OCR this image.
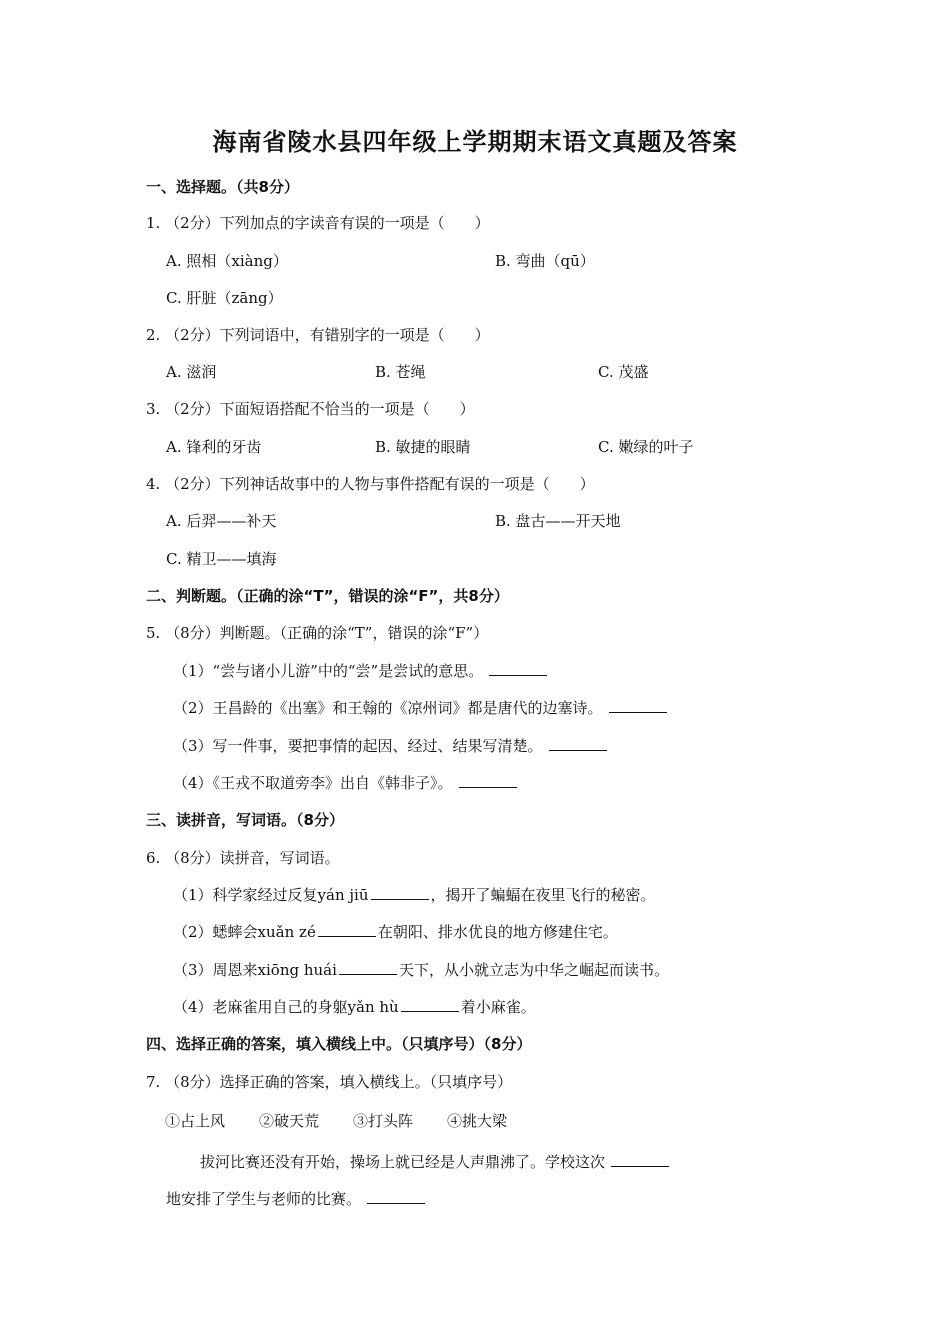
海南省陵水县四年级上学期期末语文真题及答案
一、选择题。（共8分）
1. （2分）下列加点的字读音有误的一项是（　　）
A. 照相（xiàng）	B. 弯曲（qū）
C. 肝脏（zāng）
2. （2分）下列词语中，有错别字的一项是（　　）
A. 滋润	B. 苍绳	C. 茂盛
3. （2分）下面短语搭配不恰当的一项是（　　）
A. 锋利的牙齿	B. 敏捷的眼睛	C. 嫩绿的叶子
4. （2分）下列神话故事中的人物与事件搭配有误的一项是（　　）
A. 后羿——补天	B. 盘古——开天地
C. 精卫——填海
二、判断题。（正确的涂“T”，错误的涂“F”，共8分）
5. （8分）判断题。（正确的涂“T”，错误的涂“F”）
（1）“尝与诸小儿游”中的“尝”是尝试的意思。
（2）王昌龄的《出塞》和王翰的《凉州词》都是唐代的边塞诗。
（3）写一件事，要把事情的起因、经过、结果写清楚。
（4）《王戎不取道旁李》出自《韩非子》。
三、读拼音，写词语。（8分）
6. （8分）读拼音，写词语。
（1）科学家经过反复yán jiū	，揭开了蝙蝠在夜里飞行的秘密。
（2）蟋蟀会xuǎn zé	在朝阳、排水优良的地方修建住宅。
（3）周恩来xiōng huái	天下，从小就立志为中华之崛起而读书。
（4）老麻雀用自己的身躯yǎn hù	着小麻雀。
四、选择正确的答案，填入横线上中。（只填序号）（8分）
7. （8分）选择正确的答案，填入横线上。（只填序号）
①占上风 ②破天荒 ③打头阵 ④挑大梁
拔河比赛还没有开始，操场上就已经是人声鼎沸了。学校这次
地安排了学生与老师的比赛。
